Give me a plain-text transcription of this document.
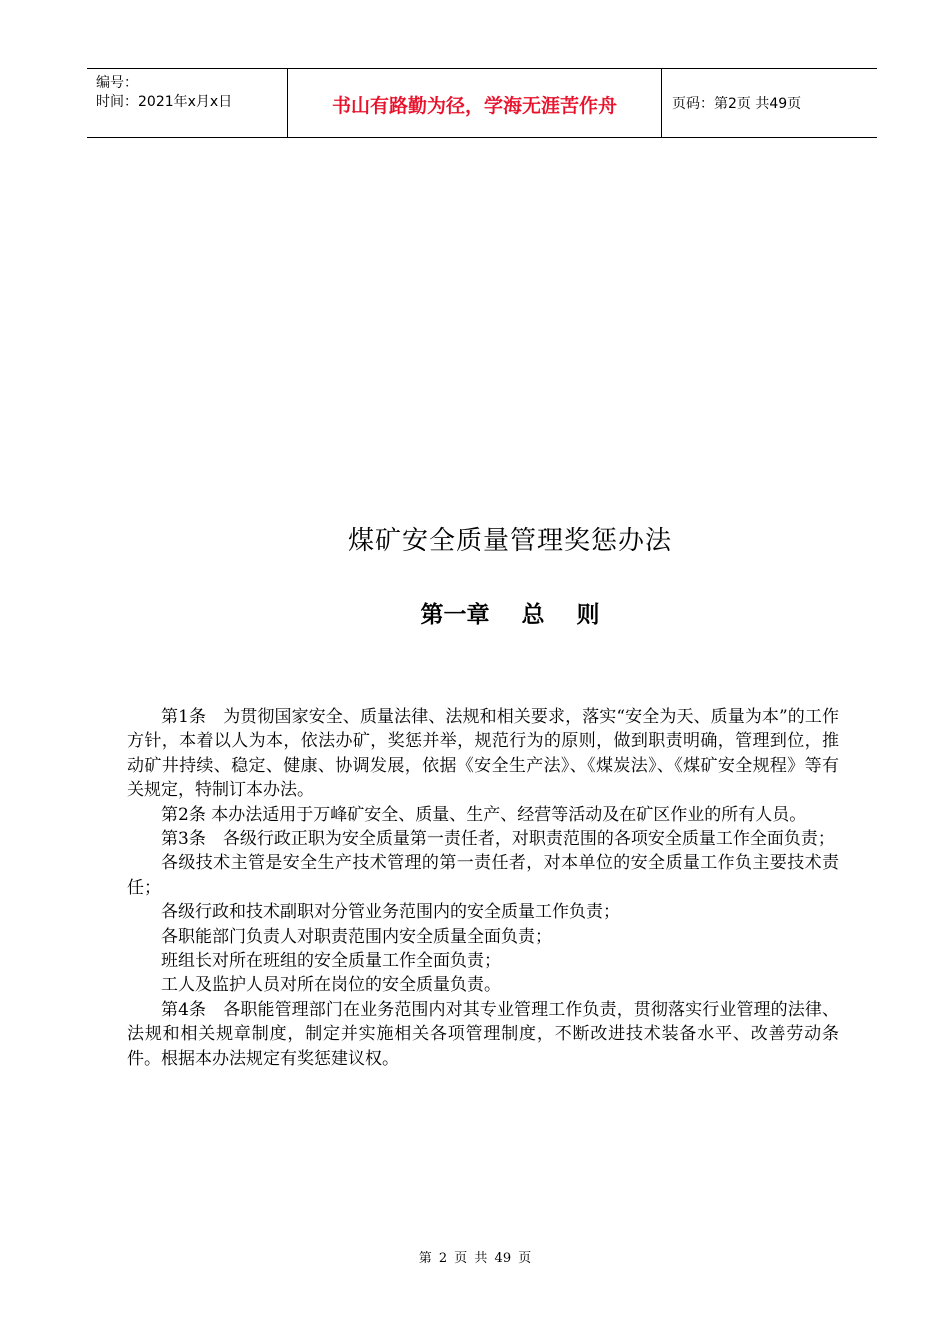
编号：
时间：2021年x月x日	书山有路勤为径，学海无涯苦作舟	页码：第2页 共49页
煤矿安全质量管理奖惩办法
第一章    总    则

第1条　为贯彻国家安全、质量法律、法规和相关要求，落实“安全为天、质量为本”的工作方针，本着以人为本，依法办矿，奖惩并举，规范行为的原则，做到职责明确，管理到位，推动矿井持续、稳定、健康、协调发展，依据《安全生产法》、《煤炭法》、《煤矿安全规程》等有关规定，特制订本办法。

第2条 本办法适用于万峰矿安全、质量、生产、经营等活动及在矿区作业的所有人员。

第3条　各级行政正职为安全质量第一责任者，对职责范围的各项安全质量工作全面负责；

各级技术主管是安全生产技术管理的第一责任者，对本单位的安全质量工作负主要技术责任；

各级行政和技术副职对分管业务范围内的安全质量工作负责；

各职能部门负责人对职责范围内安全质量全面负责；

班组长对所在班组的安全质量工作全面负责；

工人及监护人员对所在岗位的安全质量负责。

第4条　各职能管理部门在业务范围内对其专业管理工作负责，贯彻落实行业管理的法律、法规和相关规章制度，制定并实施相关各项管理制度，不断改进技术装备水平、改善劳动条件。根据本办法规定有奖惩建议权。

第 2 页 共 49 页
